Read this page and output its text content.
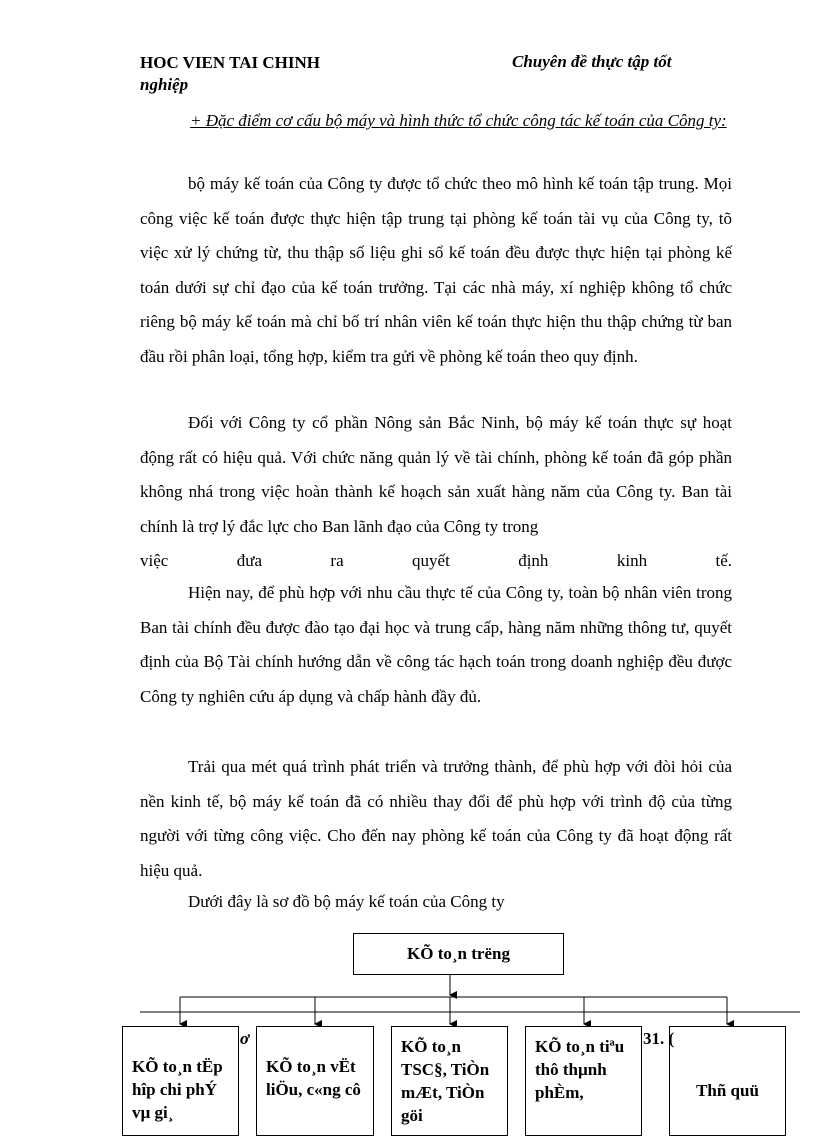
HOC VIEN TAI CHINH
nghiệp
Chuyên đề thực tập tốt
+ Đặc điểm cơ cấu bộ máy và hình thức tổ chức công tác kế toán của Công ty:
bộ máy kế toán của Công ty được tổ chức theo mô hình kế toán tập trung. Mọi công việc kế toán được thực hiện tập trung tại phòng kế toán tài vụ của Công ty, tõ việc xử lý chứng từ, thu thập số liệu ghi sổ kế toán đều được thực hiện tại phòng kế toán dưới sự chỉ đạo của kế toán trưởng. Tại các nhà máy, xí nghiệp không tổ chức riêng bộ máy kế toán mà chỉ bố trí nhân viên kế toán thực hiện thu thập chứng từ ban đầu rồi phân loại, tổng hợp, kiểm tra gửi về phòng kế toán theo quy định.
Đối với Công ty cổ phần Nông sản Bắc Ninh, bộ máy kế toán thực sự hoạt động rất có hiệu quả. Với chức năng quản lý về tài chính, phòng kế toán đã góp phần không nhá trong việc hoàn thành kế hoạch sản xuất hàng năm của Công ty. Ban tài chính là trợ lý đắc lực cho Ban lãnh đạo của Công ty trong
việc đưa ra quyết định kinh tế.
Hiện nay, để phù hợp với nhu cầu thực tế của Công ty, toàn bộ nhân viên trong Ban tài chính đều được đào tạo đại học và trung cấp, hàng năm những thông tư, quyết định của Bộ Tài chính hướng dẫn về công tác hạch toán trong doanh nghiệp đều được Công ty nghiên cứu áp dụng và chấp hành đầy đủ.
Trải qua mét quá trình phát triển và trưởng thành, để phù hợp với đòi hỏi của nền kinh tế, bộ máy kế toán đã có nhiều thay đổi để phù hợp với trình độ của từng người với từng công việc. Cho đến nay phòng kế toán của Công ty đã hoạt động rất hiệu quả.
Dưới đây là sơ đồ bộ máy kế toán của Công ty
KÕ to¸n trëng
KÕ to¸n tËp hîp chi phÝ vµ gi¸
KÕ to¸n vËt liÖu, c«ng cô
KÕ to¸n TSC§, TiÒn mÆt, TiÒn göi
KÕ to¸n tiªu thô thµnh phÈm,	Thñ quü
ơ	31. (
